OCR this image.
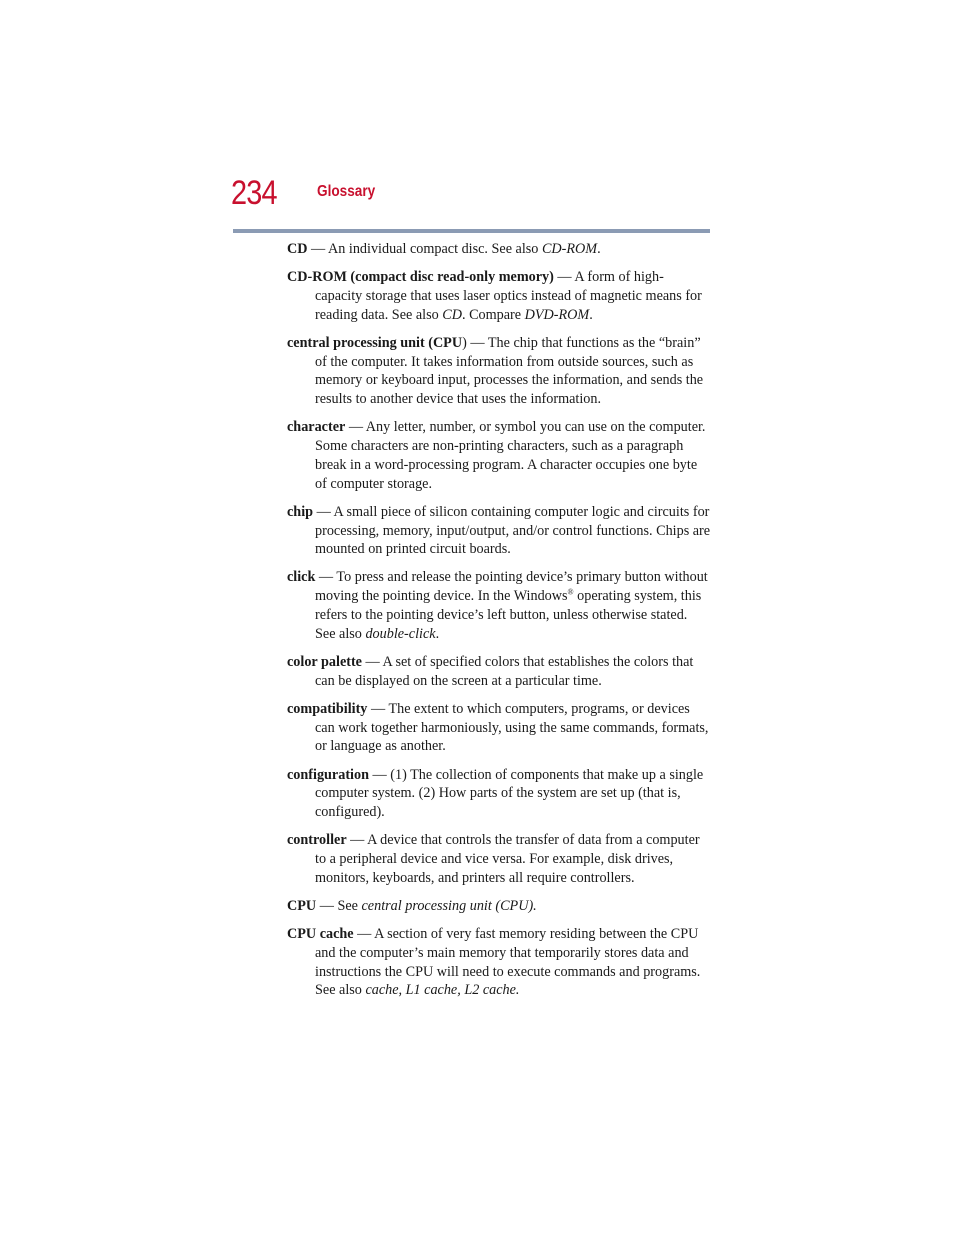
234	Glossary

CD — An individual compact disc. See also CD-ROM.

CD-ROM (compact disc read-only memory) — A form of high-capacity storage that uses laser optics instead of magnetic means for reading data. See also CD. Compare DVD-ROM.

central processing unit (CPU) — The chip that functions as the “brain” of the computer. It takes information from outside sources, such as memory or keyboard input, processes the information, and sends the results to another device that uses the information.

character — Any letter, number, or symbol you can use on the computer. Some characters are non-printing characters, such as a paragraph break in a word-processing program. A character occupies one byte of computer storage.

chip — A small piece of silicon containing computer logic and circuits for processing, memory, input/output, and/or control functions. Chips are mounted on printed circuit boards.

click — To press and release the pointing device’s primary button without moving the pointing device. In the Windows® operating system, this refers to the pointing device’s left button, unless otherwise stated. See also double-click.

color palette — A set of specified colors that establishes the colors that can be displayed on the screen at a particular time.

compatibility — The extent to which computers, programs, or devices can work together harmoniously, using the same commands, formats, or language as another.

configuration — (1) The collection of components that make up a single computer system. (2) How parts of the system are set up (that is, configured).

controller — A device that controls the transfer of data from a computer to a peripheral device and vice versa. For example, disk drives, monitors, keyboards, and printers all require controllers.

CPU — See central processing unit (CPU).

CPU cache — A section of very fast memory residing between the CPU and the computer’s main memory that temporarily stores data and instructions the CPU will need to execute commands and programs. See also cache, L1 cache, L2 cache.
